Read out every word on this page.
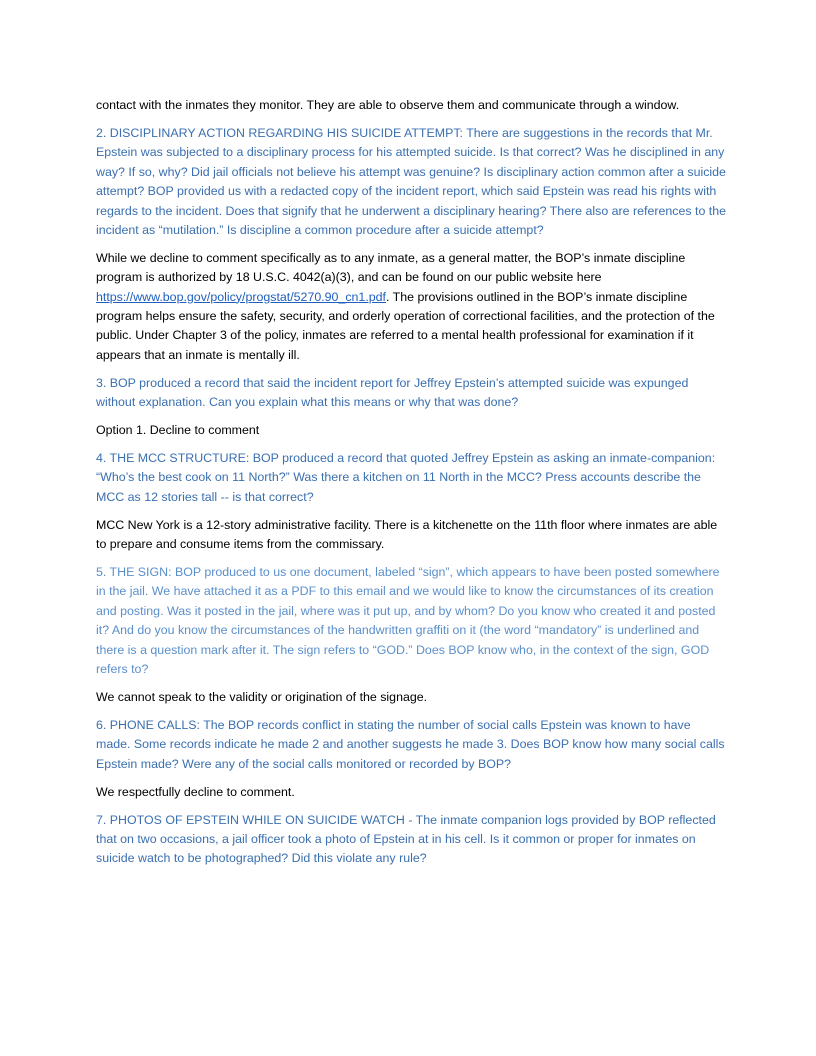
contact with the inmates they monitor. They are able to observe them and communicate through a window.

2. DISCIPLINARY ACTION REGARDING HIS SUICIDE ATTEMPT: There are suggestions in the records that Mr. Epstein was subjected to a disciplinary process for his attempted suicide. Is that correct? Was he disciplined in any way? If so, why? Did jail officials not believe his attempt was genuine? Is disciplinary action common after a suicide attempt? BOP provided us with a redacted copy of the incident report, which said Epstein was read his rights with regards to the incident. Does that signify that he underwent a disciplinary hearing? There also are references to the incident as “mutilation.” Is discipline a common procedure after a suicide attempt?

While we decline to comment specifically as to any inmate, as a general matter, the BOP’s inmate discipline program is authorized by 18 U.S.C. 4042(a)(3), and can be found on our public website here https://www.bop.gov/policy/progstat/5270.90_cn1.pdf. The provisions outlined in the BOP’s inmate discipline program helps ensure the safety, security, and orderly operation of correctional facilities, and the protection of the public. Under Chapter 3 of the policy, inmates are referred to a mental health professional for examination if it appears that an inmate is mentally ill.

3. BOP produced a record that said the incident report for Jeffrey Epstein’s attempted suicide was expunged without explanation. Can you explain what this means or why that was done?

Option 1. Decline to comment

4. THE MCC STRUCTURE: BOP produced a record that quoted Jeffrey Epstein as asking an inmate-companion: “Who’s the best cook on 11 North?” Was there a kitchen on 11 North in the MCC? Press accounts describe the MCC as 12 stories tall -- is that correct?

MCC New York is a 12-story administrative facility. There is a kitchenette on the 11th floor where inmates are able to prepare and consume items from the commissary.

5. THE SIGN: BOP produced to us one document, labeled “sign”, which appears to have been posted somewhere in the jail. We have attached it as a PDF to this email and we would like to know the circumstances of its creation and posting. Was it posted in the jail, where was it put up, and by whom? Do you know who created it and posted it? And do you know the circumstances of the handwritten graffiti on it (the word “mandatory” is underlined and there is a question mark after it. The sign refers to “GOD.” Does BOP know who, in the context of the sign, GOD refers to?

We cannot speak to the validity or origination of the signage.

6. PHONE CALLS: The BOP records conflict in stating the number of social calls Epstein was known to have made. Some records indicate he made 2 and another suggests he made 3. Does BOP know how many social calls Epstein made? Were any of the social calls monitored or recorded by BOP?

We respectfully decline to comment.

7. PHOTOS OF EPSTEIN WHILE ON SUICIDE WATCH - The inmate companion logs provided by BOP reflected that on two occasions, a jail officer took a photo of Epstein at in his cell. Is it common or proper for inmates on suicide watch to be photographed? Did this violate any rule?
